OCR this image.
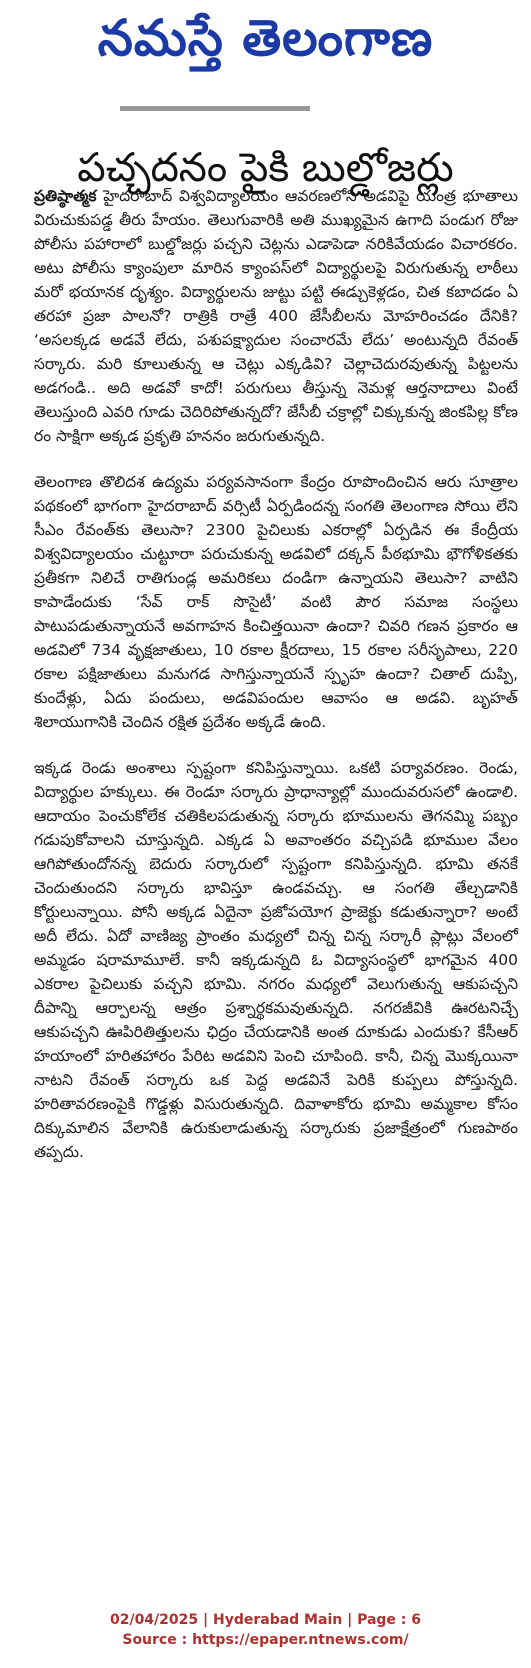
నమస్తే తెలంగాణ
పచ్చదనం పైకి బుల్డోజర్లు

ప్రతిష్ఠాత్మక హైదరాబాద్ విశ్వవిద్యాలయం ఆవరణలోని అడవిపై యంత్ర భూతాలు విరుచుకుపడ్డ తీరు హేయం. తెలుగువారికి అతి ముఖ్యమైన ఉగాది పండుగ రోజు పోలీసు పహారాలో బుల్డోజర్లు పచ్చని చెట్లను ఎడాపెడా నరికివేయడం విచారకరం. అటు పోలీసు క్యాంపులా మారిన క్యాంపస్‌లో విద్యార్థులపై విరుగుతున్న లాఠీలు మరో భయానక దృశ్యం. విద్యార్థులను జుట్టు పట్టి ఈడ్చుకెళ్లడం, చిత కబాదడం ఏ తరహా ప్రజా పాలనో? రాత్రికి రాత్రే 400 జేసీబీలను మోహరించడం దేనికి? ‘అసలక్కడ అడవే లేదు, పశుపక్ష్యాదుల సంచారమే లేదు’ అంటున్నది రేవంత్ సర్కారు. మరి కూలుతున్న ఆ చెట్లు ఎక్కడివి? చెల్లాచెదురవుతున్న పిట్టలను అడగండి.. అది అడవో కాదో! పరుగులు తీస్తున్న నెమళ్ల ఆర్తనాదాలు వింటే తెలుస్తుంది ఎవరి గూడు చెదిరిపోతున్నదో? జేసీబీ చక్రాల్లో చిక్కుకున్న జింకపిల్ల కోణ రం సాక్షిగా అక్కడ ప్రకృతి హననం జరుగుతున్నది.

తెలంగాణ తొలిదశ ఉద్యమ పర్యవసానంగా కేంద్రం రూపొందించిన ఆరు సూత్రాల పథకంలో భాగంగా హైదరాబాద్ వర్సిటీ ఏర్పడిందన్న సంగతి తెలంగాణ సోయి లేని సీఎం రేవంత్‌కు తెలుసా? 2300 పైచిలుకు ఎకరాల్లో ఏర్పడిన ఈ కేంద్రీయ విశ్వవిద్యాలయం చుట్టూరా పరుచుకున్న అడవిలో దక్కన్ పీఠభూమి భౌగోళికతకు ప్రతీకగా నిలిచే రాతిగుండ్ల అమరికలు దండిగా ఉన్నాయని తెలుసా? వాటిని కాపాడేందుకు ‘సేవ్ రాక్ సొసైటీ’ వంటి పౌర సమాజ సంస్థలు పాటుపడుతున్నాయనే అవగాహన కించిత్తయినా ఉందా? చివరి గణన ప్రకారం ఆ అడవిలో 734 వృక్షజాతులు, 10 రకాల క్షీరదాలు, 15 రకాల సరీసృపాలు, 220 రకాల పక్షిజాతులు మనుగడ సాగిస్తున్నాయనే స్పృహ ఉందా? చితాల్ దుప్పి, కుందేళ్లు, ఏదు పందులు, అడవిపందుల ఆవాసం ఆ అడవి. బృహత్ శిలాయుగానికి చెందిన రక్షిత ప్రదేశం అక్కడే ఉంది.

ఇక్కడ రెండు అంశాలు స్పష్టంగా కనిపిస్తున్నాయి. ఒకటి పర్యావరణం. రెండు, విద్యార్థుల హక్కులు. ఈ రెండూ సర్కారు ప్రాధాన్యాల్లో ముందువరుసలో ఉండాలి. ఆదాయం పెంచుకోలేక చతికిలపడుతున్న సర్కారు భూములను తెగనమ్మి పబ్బం గడుపుకోవాలని చూస్తున్నది. ఎక్కడ ఏ అవాంతరం వచ్చిపడి భూముల వేలం ఆగిపోతుందోనన్న బెదురు సర్కారులో స్పష్టంగా కనిపిస్తున్నది. భూమి తనకే చెందుతుందని సర్కారు భావిస్తూ ఉండవచ్చు. ఆ సంగతి తేల్చడానికి కోర్టులున్నాయి. పోనీ అక్కడ ఏదైనా ప్రజోపయోగ ప్రాజెక్టు కడుతున్నారా? అంటే అదీ లేదు. ఏదో వాణిజ్య ప్రాంతం మధ్యలో చిన్న చిన్న సర్కారీ ప్లాట్లు వేలంలో అమ్మడం షరామామూలే. కానీ ఇక్కడున్నది ఓ విద్యాసంస్థలో భాగమైన 400 ఎకరాల పైచిలుకు పచ్చని భూమి. నగరం మధ్యలో వెలుగుతున్న ఆకుపచ్చని దీపాన్ని ఆర్పాలన్న ఆత్రం ప్రశ్నార్థకమవుతున్నది. నగరజీవికి ఊరటనిచ్చే ఆకుపచ్చని ఊపిరితిత్తులను ఛిద్రం చేయడానికి అంత దూకుడు ఎందుకు? కేసీఆర్ హయాంలో హరితహారం పేరిట అడవిని పెంచి చూపింది. కానీ, చిన్న మొక్కయినా నాటని రేవంత్ సర్కారు ఒక పెద్ద అడవినే పెరికి కుప్పలు పోస్తున్నది. హరితావరణంపైకి గొడ్డళ్లు విసురుతున్నది. దివాళాకోరు భూమి అమ్మకాల కోసం దిక్కుమాలిన వేలానికి ఉరుకులాడుతున్న సర్కారుకు ప్రజాక్షేత్రంలో గుణపాఠం తప్పదు.

02/04/2025 | Hyderabad Main | Page : 6
Source : https://epaper.ntnews.com/
